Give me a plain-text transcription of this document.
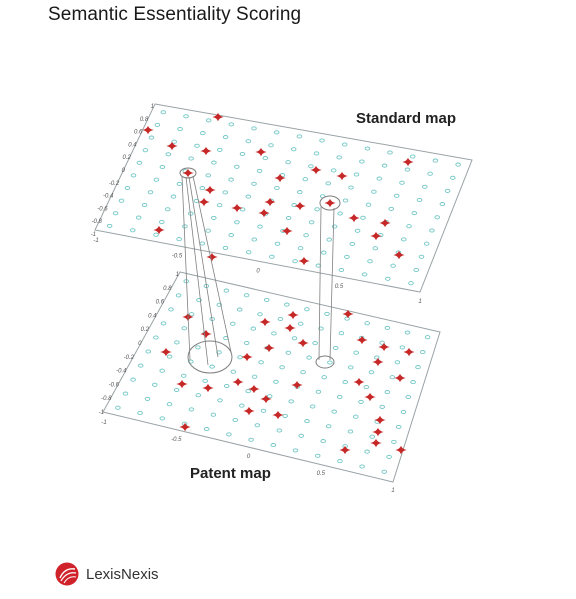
Semantic Essentiality Scoring
1
0.8
0.6
0.4
0.2
0
-0.2
-0.4
-0.6
-0.8
-1
-1
-0.5
0
0.5
1
Standard map
1
0.8
0.6
0.4
0.2
0
-0.2
-0.4
-0.6
-0.8
-1
-1
-0.5
0
0.5
1
Patent map
LexisNexis
